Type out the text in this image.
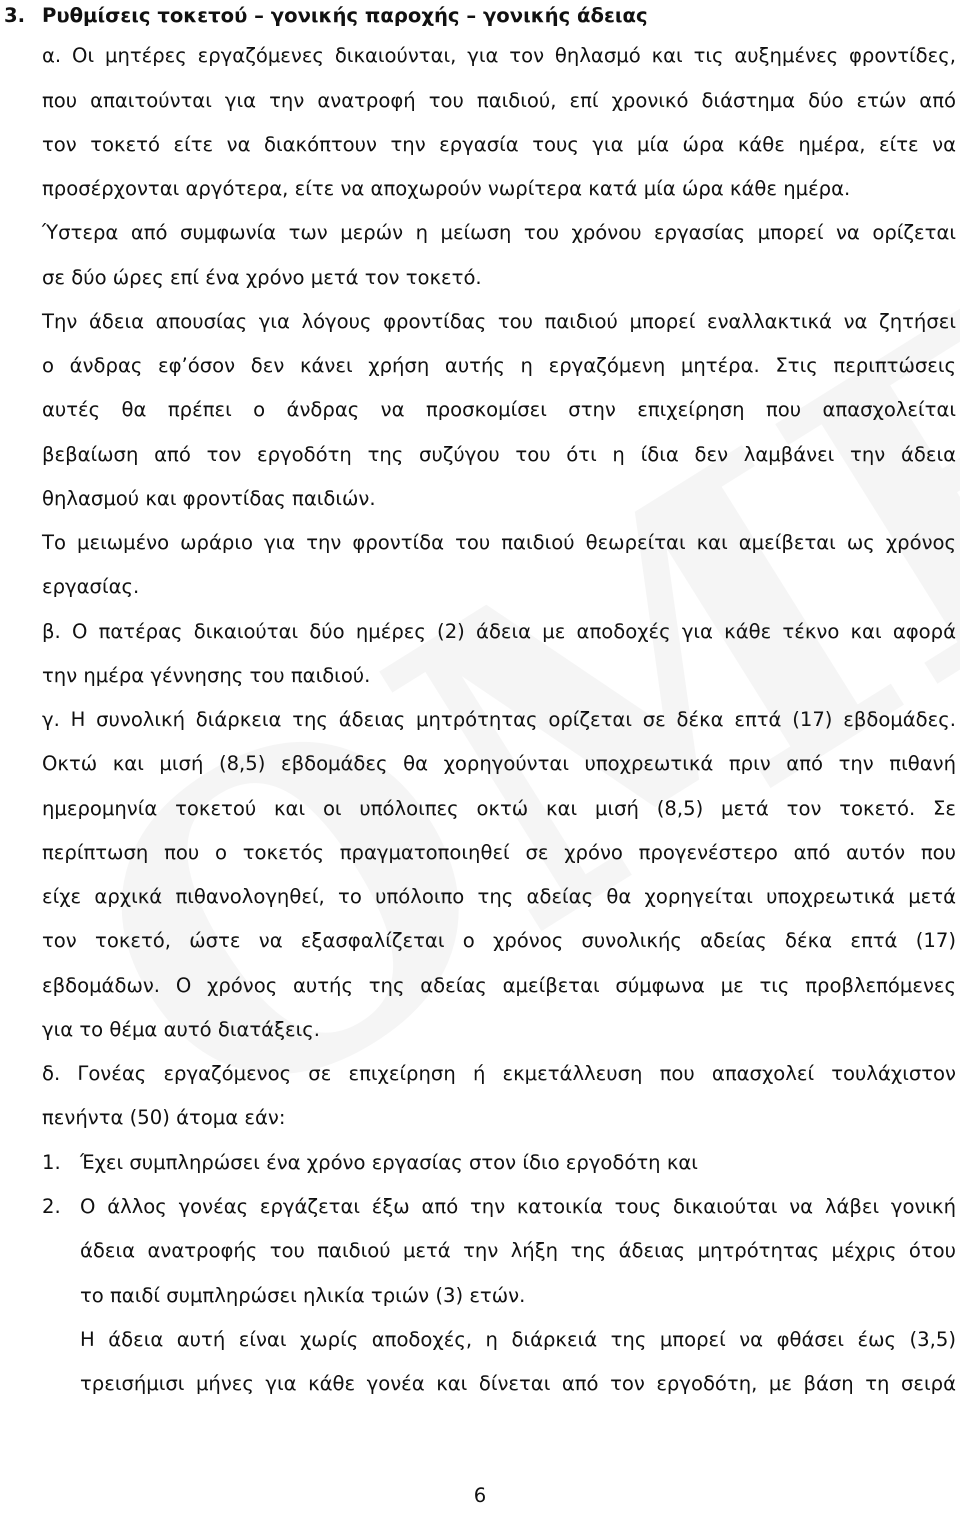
3. Ρυθμίσεις τοκετού – γονικής παροχής – γονικής άδειας
α. Οι μητέρες εργαζόμενες δικαιούνται, για τον θηλασμό και τις αυξημένες φροντίδες,
που απαιτούνται για την ανατροφή του παιδιού, επί χρονικό διάστημα δύο ετών από
τον τοκετό είτε να διακόπτουν την εργασία τους για μία ώρα κάθε ημέρα, είτε να
προσέρχονται αργότερα, είτε να αποχωρούν νωρίτερα κατά μία ώρα κάθε ημέρα.
Ύστερα από συμφωνία των μερών η μείωση του χρόνου εργασίας μπορεί να ορίζεται
σε δύο ώρες επί ένα χρόνο μετά τον τοκετό.
Την άδεια απουσίας για λόγους φροντίδας του παιδιού μπορεί εναλλακτικά να ζητήσει
ο άνδρας εφ’όσον δεν κάνει χρήση αυτής η εργαζόμενη μητέρα. Στις περιπτώσεις
αυτές θα πρέπει ο άνδρας να προσκομίσει στην επιχείρηση που απασχολείται
βεβαίωση από τον εργοδότη της συζύγου του ότι η ίδια δεν λαμβάνει την άδεια
θηλασμού και φροντίδας παιδιών.
Το μειωμένο ωράριο για την φροντίδα του παιδιού θεωρείται και αμείβεται ως χρόνος
εργασίας.
β. Ο πατέρας δικαιούται δύο ημέρες (2) άδεια με αποδοχές για κάθε τέκνο και αφορά
την ημέρα γέννησης του παιδιού.
γ. Η συνολική διάρκεια της άδειας μητρότητας ορίζεται σε δέκα επτά (17) εβδομάδες.
Οκτώ και μισή (8,5) εβδομάδες θα χορηγούνται υποχρεωτικά πριν από την πιθανή
ημερομηνία τοκετού και οι υπόλοιπες οκτώ και μισή (8,5) μετά τον τοκετό. Σε
περίπτωση που ο τοκετός πραγματοποιηθεί σε χρόνο προγενέστερο από αυτόν που
είχε αρχικά πιθανολογηθεί, το υπόλοιπο της αδείας θα χορηγείται υποχρεωτικά μετά
τον τοκετό, ώστε να εξασφαλίζεται ο χρόνος συνολικής αδείας δέκα επτά (17)
εβδομάδων. Ο χρόνος αυτής της αδείας αμείβεται σύμφωνα με τις προβλεπόμενες
για το θέμα αυτό διατάξεις.
δ. Γονέας εργαζόμενος σε επιχείρηση ή εκμετάλλευση που απασχολεί τουλάχιστον
πενήντα (50) άτομα εάν:
1. Έχει συμπληρώσει ένα χρόνο εργασίας στον ίδιο εργοδότη και
2. Ο άλλος γονέας εργάζεται έξω από την κατοικία τους δικαιούται να λάβει γονική
άδεια ανατροφής του παιδιού μετά την λήξη της άδειας μητρότητας μέχρις ότου
το παιδί συμπληρώσει ηλικία τριών (3) ετών.
Η άδεια αυτή είναι χωρίς αποδοχές, η διάρκειά της μπορεί να φθάσει έως (3,5)
τρεισήμισι μήνες για κάθε γονέα και δίνεται από τον εργοδότη, με βάση τη σειρά
6
